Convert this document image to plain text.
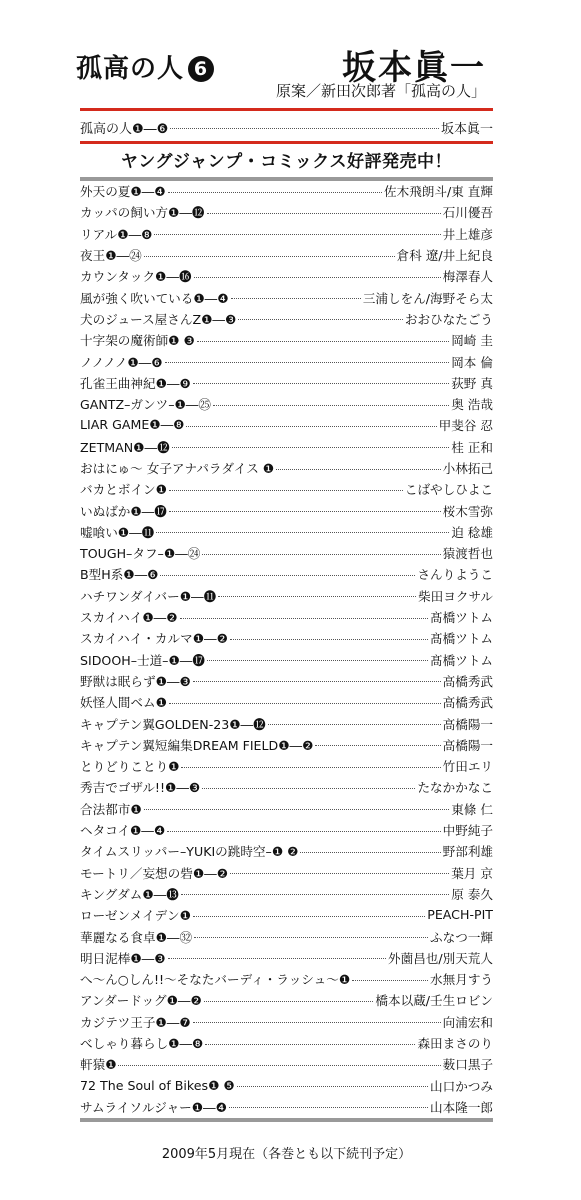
孤高の人 6	坂本眞一
原案／新田次郎著「孤高の人」
孤高の人❶―❻	坂本眞一
ヤングジャンプ・コミックス好評発売中！
外天の夏❶―❹	佐木飛朗斗/東 直輝
カッパの飼い方❶―⓬	石川優吾
リアル❶―❽	井上雄彦
夜王❶―㉔	倉科 遼/井上紀良
カウンタック❶―⓰	梅澤春人
風が強く吹いている❶―❹	三浦しをん/海野そら太
犬のジュース屋さんZ❶―❸	おおひなたごう
十字架の魔術師❶ ❸	岡崎 圭
ノノノノ❶―❻	岡本 倫
孔雀王曲神紀❶―❾	荻野 真
GANTZ–ガンツ–❶―㉕	奥 浩哉
LIAR GAME❶―❽	甲斐谷 忍
ZETMAN❶―⓬	桂 正和
おはにゅ～ 女子アナパラダイス ❶	小林拓己
バカとボイン❶	こばやしひよこ
いぬばか❶―⓱	桜木雪弥
嘘喰い❶―⓫	迫 稔雄
TOUGH–タフ–❶―㉔	猿渡哲也
B型H系❶―❻	さんりようこ
ハチワンダイバー❶―⓫	柴田ヨクサル
スカイハイ❶―❷	髙橋ツトム
スカイハイ・カルマ❶―❷	髙橋ツトム
SIDOOH–士道–❶―⓱	髙橋ツトム
野獣は眠らず❶―❸	高橋秀武
妖怪人間ベム❶	高橋秀武
キャプテン翼GOLDEN-23❶―⓬	高橋陽一
キャプテン翼短編集DREAM FIELD❶―❷	高橋陽一
とりどりことり❶	竹田エリ
秀吉でゴザル!!❶―❸	たなかかなこ
合法都市❶	東條 仁
ヘタコイ❶―❹	中野純子
タイムスリッパー–YUKIの跳時空–❶ ❷	野部利雄
モートリ／妄想の砦❶―❷	葉月 京
キングダム❶―⓭	原 泰久
ローゼンメイデン❶	PEACH-PIT
華麗なる食卓❶―㉜	ふなつ一輝
明日泥棒❶―❸	外薗昌也/別天荒人
へ～ん○しん!!～そなたバーディ・ラッシュ～❶	水無月すう
アンダードッグ❶―❷	橋本以蔵/壬生ロビン
カジテツ王子❶―❼	向浦宏和
べしゃり暮らし❶―❽	森田まさのり
軒猿❶	薮口黒子
72 The Soul of Bikes❶ ❺	山口かつみ
サムライソルジャー❶―❹	山本隆一郎
2009年5月現在（各巻とも以下続刊予定）
